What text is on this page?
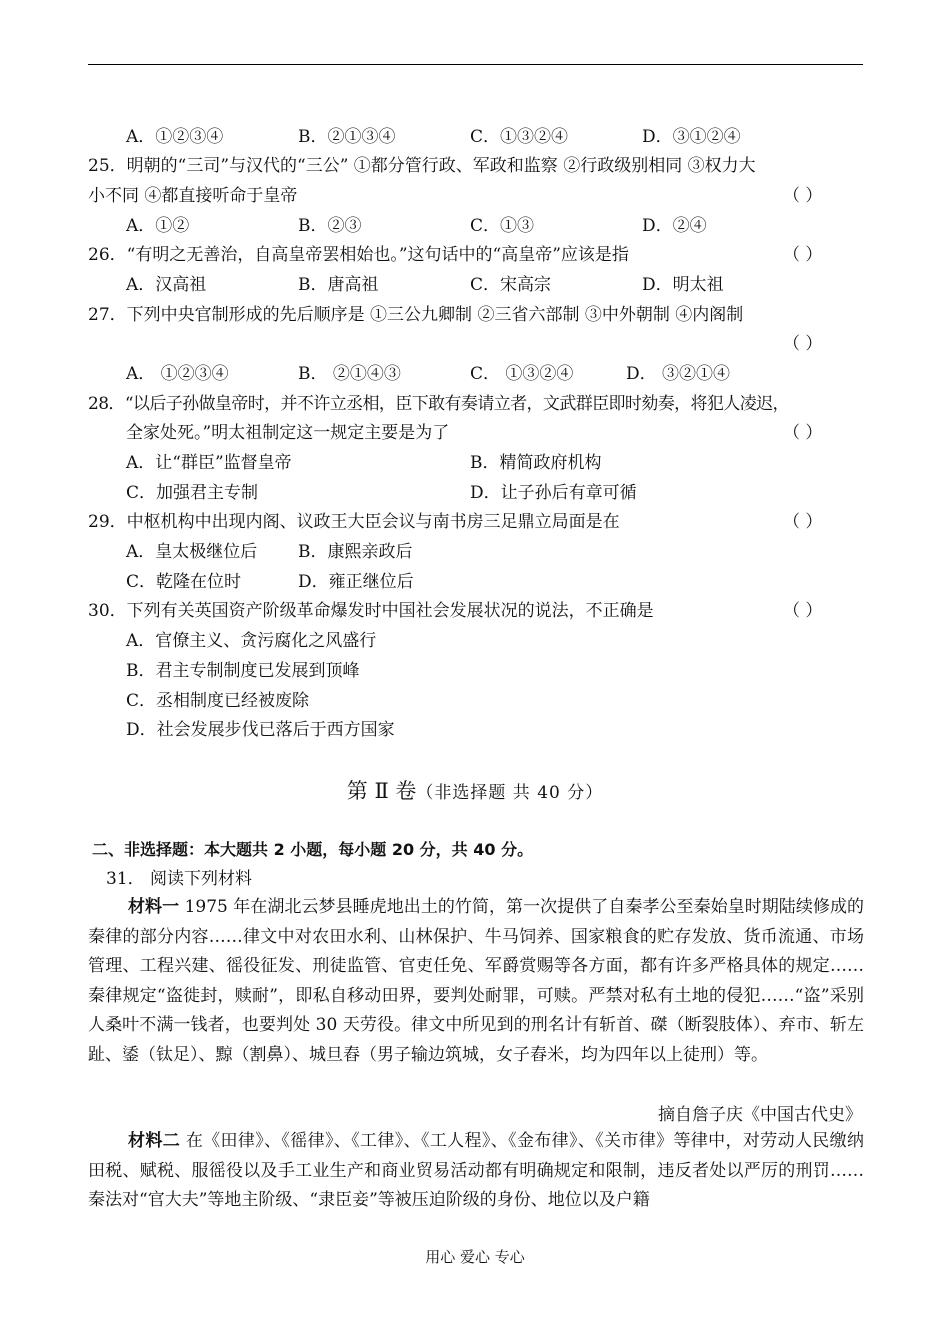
A．①②③④	B．②①③④	C．①③②④	D．③①②④
25．明朝的“三司”与汉代的“三公” ①都分管行政、军政和监察 ②行政级别相同 ③权力大
小不同 ④都直接听命于皇帝	（ ）
A．①②	B．②③	C．①③	D．②④
26．“有明之无善治，自高皇帝罢相始也。”这句话中的“高皇帝”应该是指	（ ）
A．汉高祖	B．唐高祖	C．宋高宗	D．明太祖
27．下列中央官制形成的先后顺序是 ①三公九卿制 ②三省六部制 ③中外朝制 ④内阁制
（ ）
A． ①②③④	B． ②①④③	C． ①③②④	D． ③②①④
28．“以后子孙做皇帝时，并不许立丞相，臣下敢有奏请立者，文武群臣即时劾奏，将犯人凌迟，
全家处死。”明太祖制定这一规定主要是为了	（ ）
A．让“群臣”监督皇帝	B．精简政府机构
C．加强君主专制	D．让子孙后有章可循
29．中枢机构中出现内阁、议政王大臣会议与南书房三足鼎立局面是在	（ ）
A．皇太极继位后 B．康熙亲政后
C．乾隆在位时	D．雍正继位后
30．下列有关英国资产阶级革命爆发时中国社会发展状况的说法，不正确是	（ ）
A．官僚主义、贪污腐化之风盛行
B．君主专制制度已发展到顶峰
C．丞相制度已经被废除
D．社会发展步伐已落后于西方国家
第 Ⅱ 卷（非选择题 共 40 分）
二、非选择题：本大题共 2 小题，每小题 20 分，共 40 分。
31． 阅读下列材料
材料一 1975 年在湖北云梦县睡虎地出土的竹简，第一次提供了自秦孝公至秦始皇时期陆续修成的秦律的部分内容……律文中对农田水利、山林保护、牛马饲养、国家粮食的贮存发放、货币流通、市场管理、工程兴建、徭役征发、刑徒监管、官吏任免、军爵赏赐等各方面，都有许多严格具体的规定……秦律规定“盗徙封，赎耐”，即私自移动田界，要判处耐罪，可赎。严禁对私有土地的侵犯……“盗”采别人桑叶不满一钱者，也要判处 30 天劳役。律文中所见到的刑名计有斩首、磔（断裂肢体）、弃市、斩左趾、鋈（钛足）、黥（割鼻）、城旦舂（男子输边筑城，女子舂米，均为四年以上徒刑）等。
摘自詹子庆《中国古代史》
材料二 在《田律》、《徭律》、《工律》、《工人程》、《金布律》、《关市律》等律中，对劳动人民缴纳田税、赋税、服徭役以及手工业生产和商业贸易活动都有明确规定和限制，违反者处以严厉的刑罚……秦法对“官大夫”等地主阶级、“隶臣妾”等被压迫阶级的身份、地位以及户籍
用心 爱心 专心
